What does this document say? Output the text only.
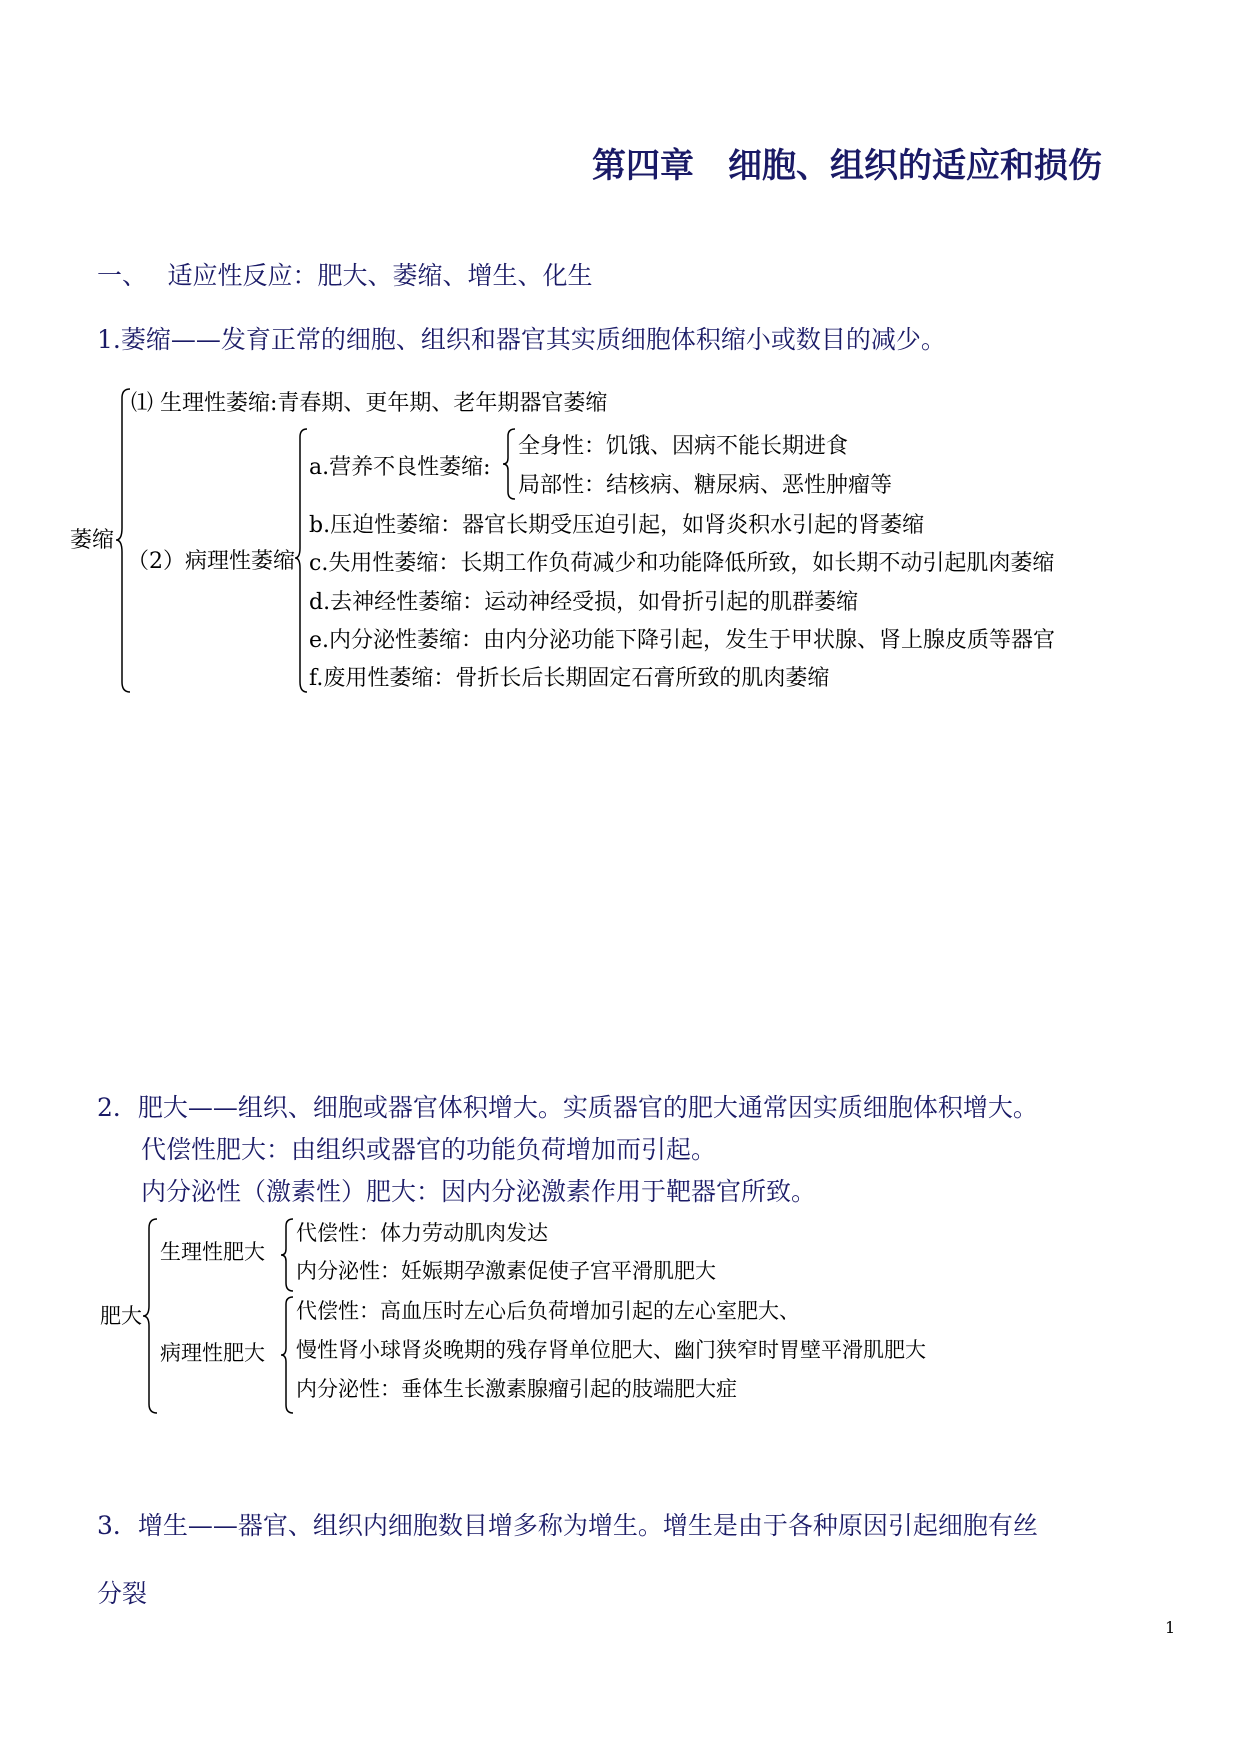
第四章　细胞、组织的适应和损伤
一、　 适应性反应：肥大、萎缩、增生、化生
1.萎缩——发育正常的细胞、组织和器官其实质细胞体积缩小或数目的减少。
萎缩
⑴ 生理性萎缩:青春期、更年期、老年期器官萎缩
（2）病理性萎缩
a.营养不良性萎缩:
全身性：饥饿、因病不能长期进食
局部性：结核病、糖尿病、恶性肿瘤等
b.压迫性萎缩：器官长期受压迫引起，如肾炎积水引起的肾萎缩
c.失用性萎缩：长期工作负荷减少和功能降低所致，如长期不动引起肌肉萎缩
d.去神经性萎缩：运动神经受损，如骨折引起的肌群萎缩
e.内分泌性萎缩：由内分泌功能下降引起，发生于甲状腺、肾上腺皮质等器官
f.废用性萎缩：骨折长后长期固定石膏所致的肌肉萎缩
2．肥大——组织、细胞或器官体积增大。实质器官的肥大通常因实质细胞体积增大。
代偿性肥大：由组织或器官的功能负荷增加而引起。
内分泌性（激素性）肥大：因内分泌激素作用于靶器官所致。
肥大
生理性肥大
代偿性：体力劳动肌肉发达
内分泌性：妊娠期孕激素促使子宫平滑肌肥大
病理性肥大
代偿性：高血压时左心后负荷增加引起的左心室肥大、
慢性肾小球肾炎晚期的残存肾单位肥大、幽门狭窄时胃壁平滑肌肥大
内分泌性：垂体生长激素腺瘤引起的肢端肥大症
3．增生——器官、组织内细胞数目增多称为增生。增生是由于各种原因引起细胞有丝
分裂
1
